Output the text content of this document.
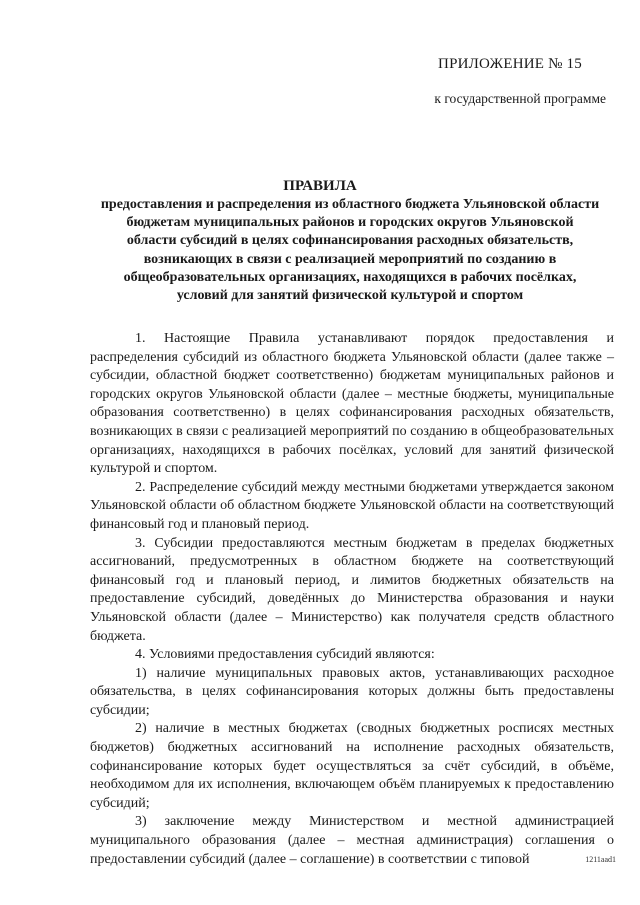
ПРИЛОЖЕНИЕ № 15
к государственной программе
ПРАВИЛА
предоставления и распределения из областного бюджета Ульяновской области бюджетам муниципальных районов и городских округов Ульяновской области субсидий в целях софинансирования расходных обязательств, возникающих в связи с реализацией мероприятий по созданию в общеобразовательных организациях, находящихся в рабочих посёлках, условий для занятий физической культурой и спортом

1. Настоящие Правила устанавливают порядок предоставления и распределения субсидий из областного бюджета Ульяновской области (далее также – субсидии, областной бюджет соответственно) бюджетам муниципальных районов и городских округов Ульяновской области (далее – местные бюджеты, муниципальные образования соответственно) в целях софинансирования расходных обязательств, возникающих в связи с реализацией мероприятий по созданию в общеобразовательных организациях, находящихся в рабочих посёлках, условий для занятий физической культурой и спортом.

2. Распределение субсидий между местными бюджетами утверждается законом Ульяновской области об областном бюджете Ульяновской области на соответствующий финансовый год и плановый период.

3. Субсидии предоставляются местным бюджетам в пределах бюджетных ассигнований, предусмотренных в областном бюджете на соответствующий финансовый год и плановый период, и лимитов бюджетных обязательств на предоставление субсидий, доведённых до Министерства образования и науки Ульяновской области (далее – Министерство) как получателя средств областного бюджета.

4. Условиями предоставления субсидий являются:

1) наличие муниципальных правовых актов, устанавливающих расходное обязательства, в целях софинансирования которых должны быть предоставлены субсидии;

2) наличие в местных бюджетах (сводных бюджетных росписях местных бюджетов) бюджетных ассигнований на исполнение расходных обязательств, софинансирование которых будет осуществляться за счёт субсидий, в объёме, необходимом для их исполнения, включающем объём планируемых к предоставлению субсидий;

3) заключение между Министерством и местной администрацией муниципального образования (далее – местная администрация) соглашения о предоставлении субсидий (далее – соглашение) в соответствии с типовой	1211ааd1
